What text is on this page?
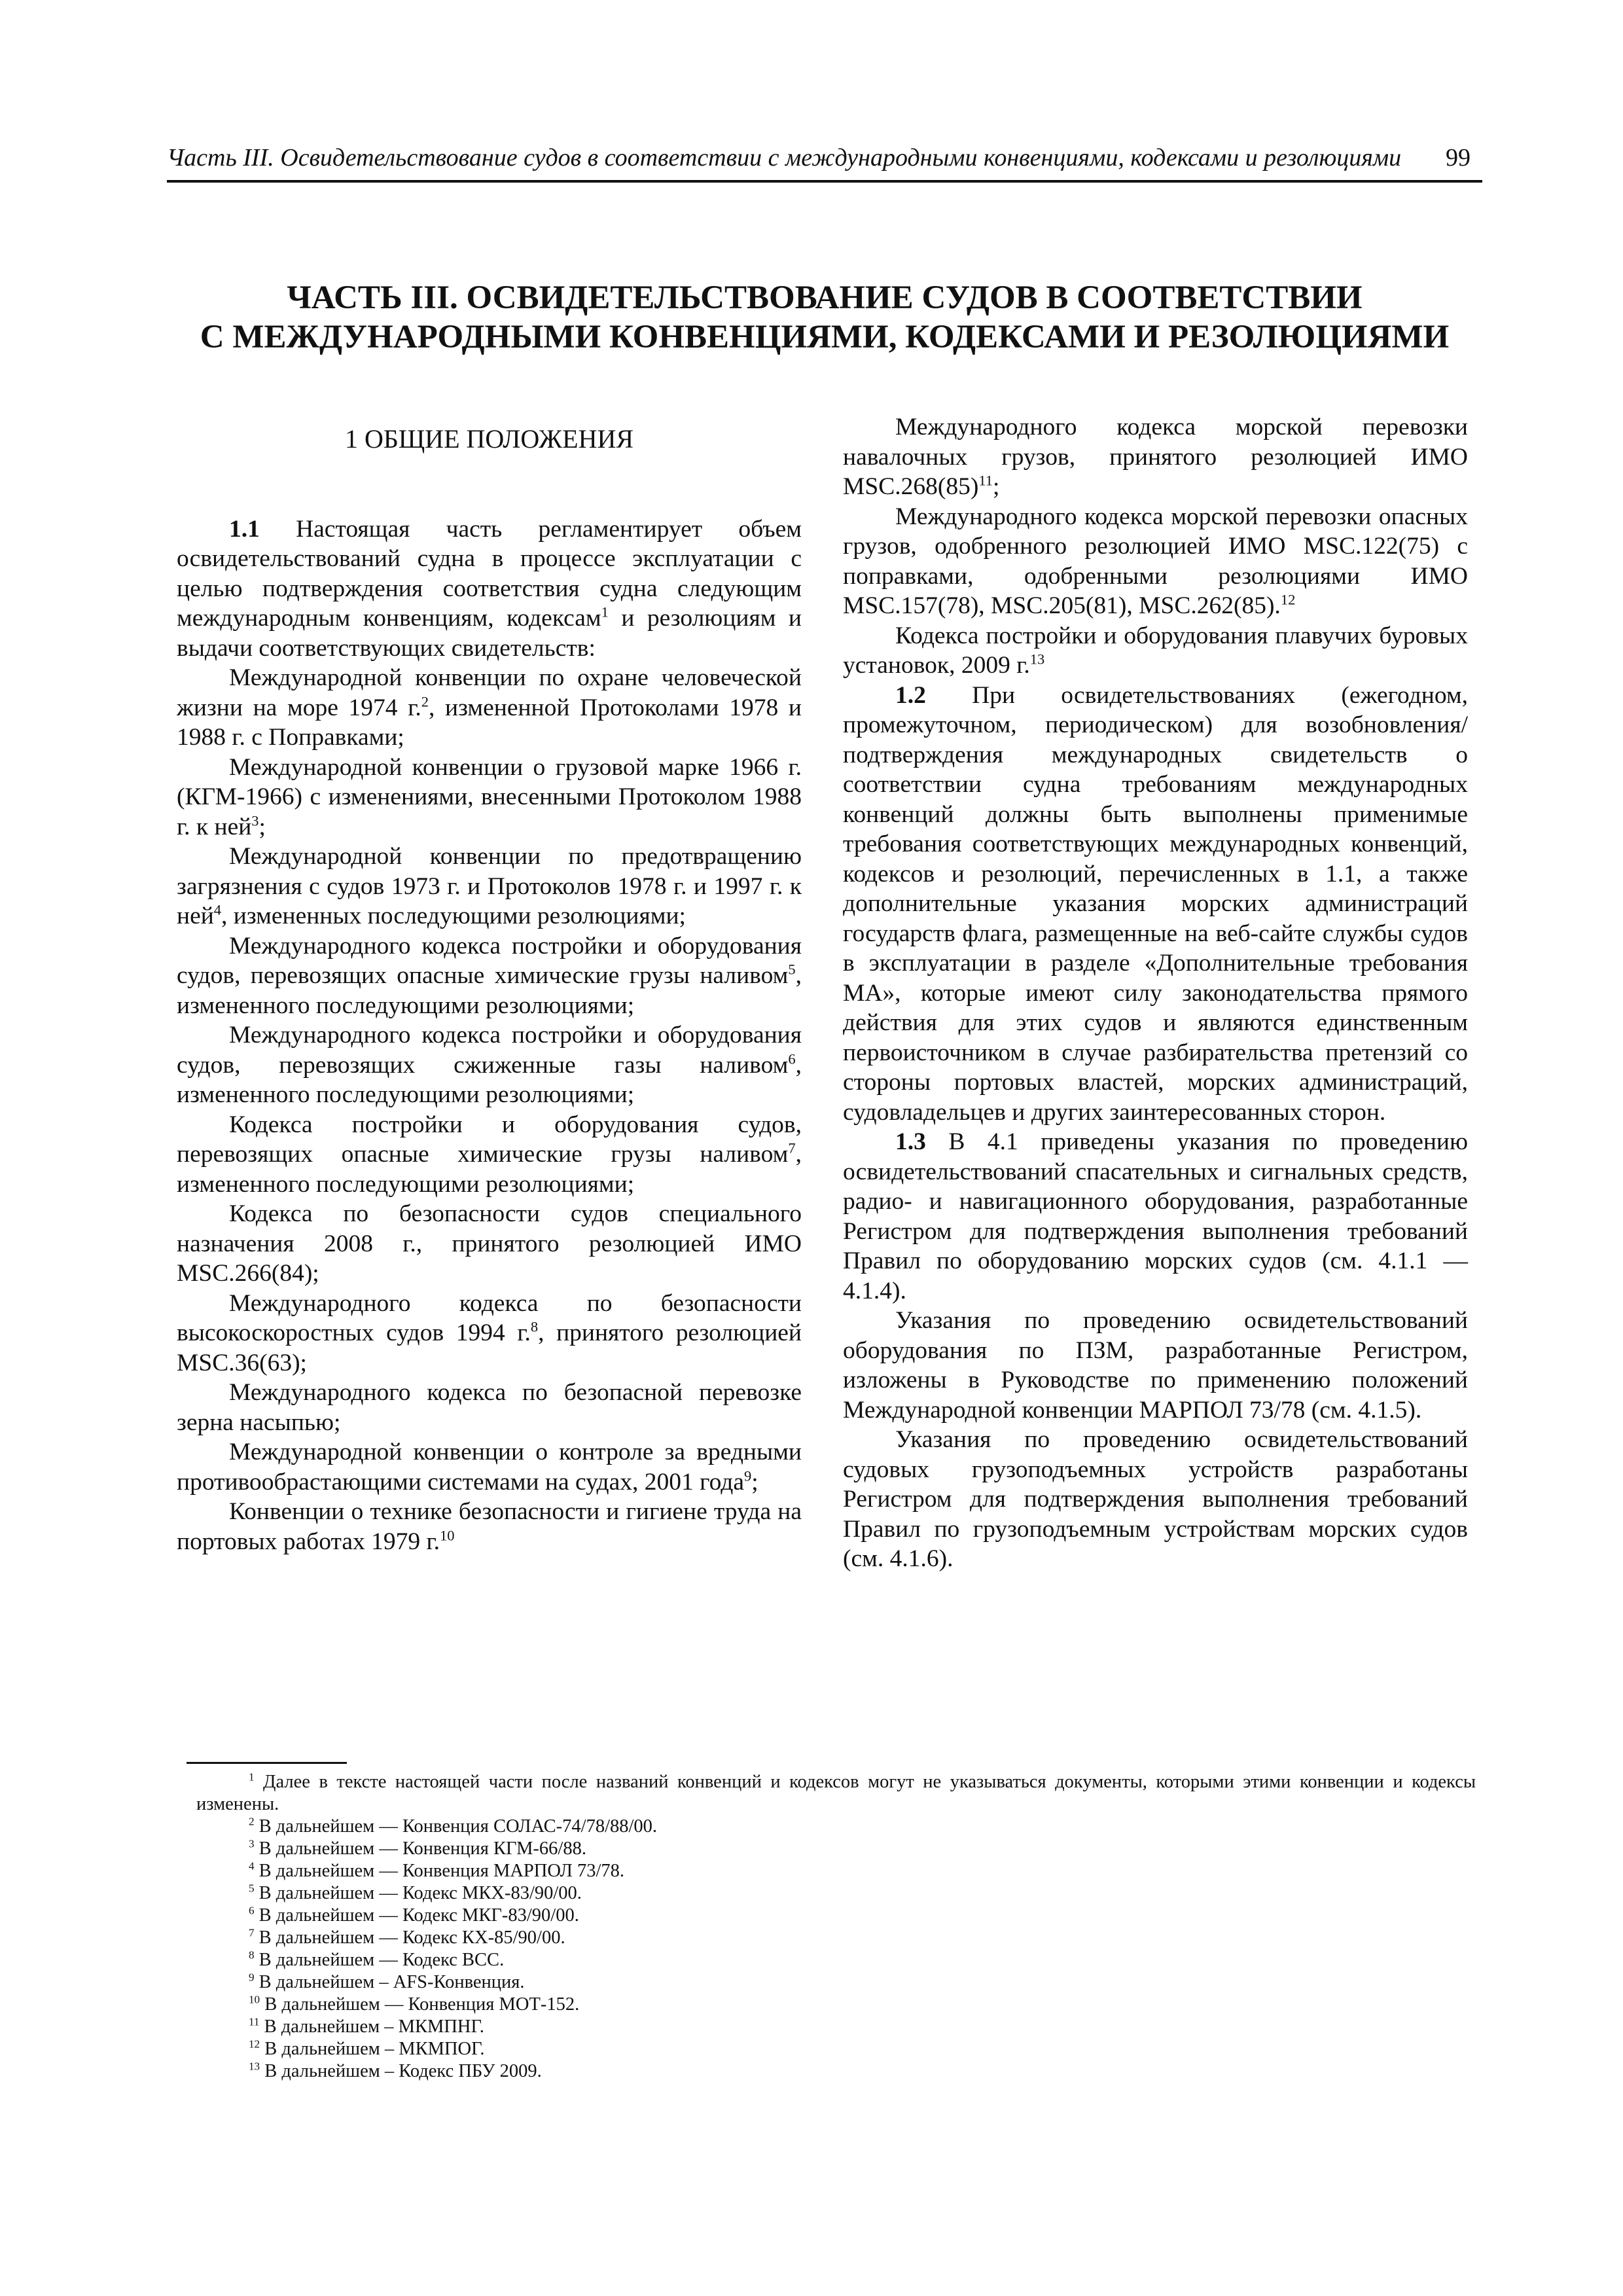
Часть III. Освидетельствование судов в соответствии с международными конвенциями, кодексами и резолюциями 99
ЧАСТЬ III. ОСВИДЕТЕЛЬСТВОВАНИЕ СУДОВ В СООТВЕТСТВИИ
С МЕЖДУНАРОДНЫМИ КОНВЕНЦИЯМИ, КОДЕКСАМИ И РЕЗОЛЮЦИЯМИ
1 ОБЩИЕ ПОЛОЖЕНИЯ

1.1 Настоящая часть регламентирует объем освидетельствований судна в процессе эксплуатации с целью подтверждения соответствия судна следующим международным конвенциям, кодексам$^1$ и резолюциям и выдачи соответствующих свидетельств:

Международной конвенции по охране человеческой жизни на море 1974 г.$^2$, измененной Протоколами 1978 и 1988 г. с Поправками;

Международной конвенции о грузовой марке 1966 г. (КГМ-1966) с изменениями, внесенными Протоколом 1988 г. к ней$^3$;

Международной конвенции по предотвращению загрязнения с судов 1973 г. и Протоколов 1978 г. и 1997 г. к ней$^4$, измененных последующими резолюциями;

Международного кодекса постройки и оборудования судов, перевозящих опасные химические грузы наливом$^5$, измененного последующими резолюциями;

Международного кодекса постройки и оборудования судов, перевозящих сжиженные газы наливом$^6$, измененного последующими резолюциями;

Кодекса постройки и оборудования судов, перевозящих опасные химические грузы наливом$^7$, измененного последующими резолюциями;

Кодекса по безопасности судов специального назначения 2008 г., принятого резолюцией ИМО MSC.266(84);

Международного кодекса по безопасности высокоскоростных судов 1994 г.$^8$, принятого резолюцией MSC.36(63);

Международного кодекса по безопасной перевозке зерна насыпью;

Международной конвенции о контроле за вредными противообрастающими системами на судах, 2001 года$^9$;

Конвенции о технике безопасности и гигиене труда на портовых работах 1979 г.$^{10}$

Международного кодекса морской перевозки навалочных грузов, принятого резолюцией ИМО $MSC.268(85)^{11}$;

Международного кодекса морской перевозки опасных грузов, одобренного резолюцией ИМО MSC.122(75) с поправками, одобренными резолюциями ИМО MSC.157(78), MSC.205(81), MSC.262(85).$^{12}$

Кодекса постройки и оборудования плавучих буровых установок, 2009 г.$^{13}$

1.2 При освидетельствованиях (ежегодном, промежуточном, периодическом) для возобновления/подтверждения международных свидетельств о соответствии судна требованиям международных конвенций должны быть выполнены применимые требования соответствующих международных конвенций, кодексов и резолюций, перечисленных в 1.1, а также дополнительные указания морских администраций государств флага, размещенные на веб-сайте службы судов в эксплуатации в разделе «Дополнительные требования МА», которые имеют силу законодательства прямого действия для этих судов и являются единственным первоисточником в случае разбирательства претензий со стороны портовых властей, морских администраций, судовладельцев и других заинтересованных сторон.

1.3 В 4.1 приведены указания по проведению освидетельствований спасательных и сигнальных средств, радио- и навигационного оборудования, разработанные Регистром для подтверждения выполнения требований Правил по оборудованию морских судов (см. 4.1.1 — 4.1.4).

Указания по проведению освидетельствований оборудования по ПЗМ, разработанные Регистром, изложены в Руководстве по применению положений Международной конвенции МАРПОЛ 73/78 (см. 4.1.5).

Указания по проведению освидетельствований судовых грузоподъемных устройств разработаны Регистром для подтверждения выполнения требований Правил по грузоподъемным устройствам морских судов (см. 4.1.6).

$^1$ Далее в тексте настоящей части после названий конвенций и кодексов могут не указываться документы, которыми этими конвенции и кодексы изменены.

$^2$ В дальнейшем — Конвенция СОЛАС-74/78/88/00.

$^3$ В дальнейшем — Конвенция КГМ-66/88.

$^4$ В дальнейшем — Конвенция МАРПОЛ 73/78.

$^5$ В дальнейшем — Кодекс МКХ-83/90/00.

$^6$ В дальнейшем — Кодекс МКГ-83/90/00.

$^7$ В дальнейшем — Кодекс КХ-85/90/00.

$^8$ В дальнейшем — Кодекс ВСС.

$^9$ В дальнейшем – AFS-Конвенция.

$^{10}$ В дальнейшем — Конвенция МОТ-152.

$^{11}$ В дальнейшем – МКМПНГ.

$^{12}$ В дальнейшем – МКМПОГ.

$^{13}$ В дальнейшем – Кодекс ПБУ 2009.
